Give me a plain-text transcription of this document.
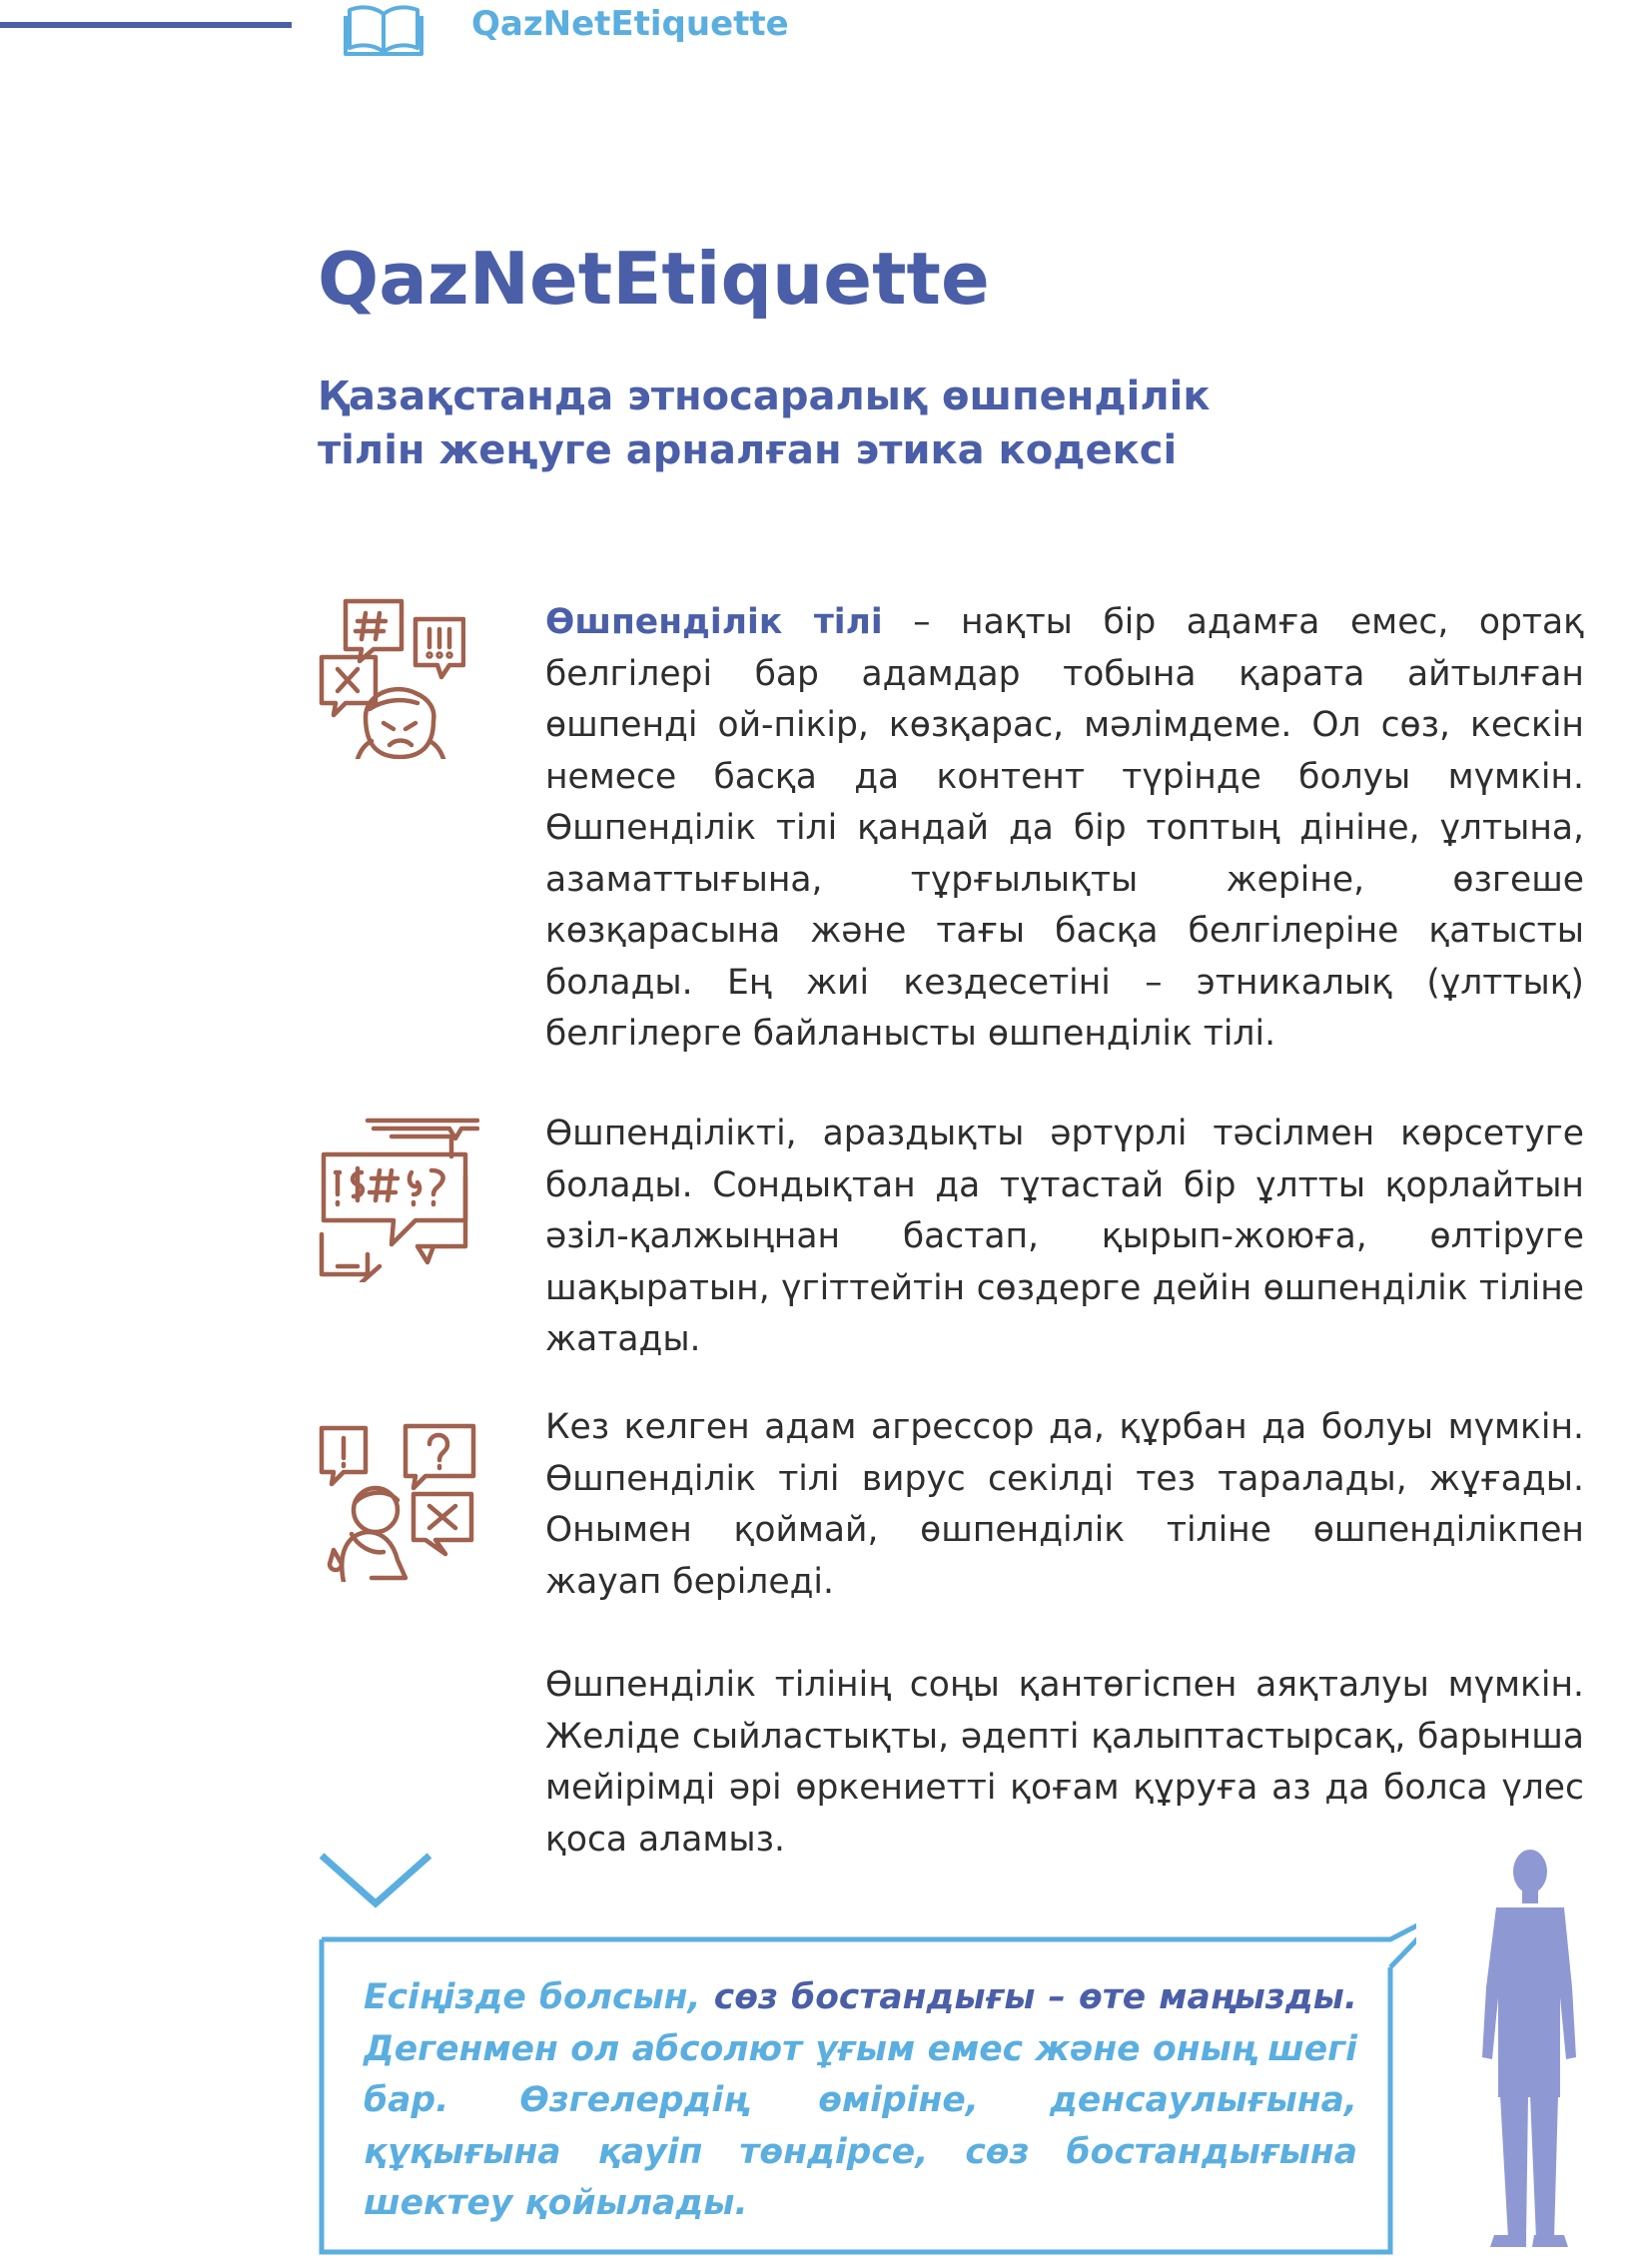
QazNetEtiquette
QazNetEtiquette
Қазақстанда этносаралық өшпенділік
тілін жеңуге арналған этика кодексі

Өшпенділік тілі – нақты бір адамға емес, ортақ белгілері бар адамдар тобына қарата айтылған өшпенді ой-пікір, көзқарас, мәлімдеме. Ол сөз, кескін немесе басқа да контент түрінде болуы мүмкін. Өшпенділік тілі қандай да бір топтың дініне, ұлтына, азаматтығына, тұрғылықты жеріне, өзгеше көзқарасына және тағы басқа белгілеріне қатысты болады. Ең жиі кездесетіні – этникалық (ұлттық) белгілерге байланысты өшпенділік тілі.

Өшпенділікті, араздықты әртүрлі тәсілмен көрсетуге болады. Сондықтан да тұтастай бір ұлтты қорлайтын әзіл-қалжыңнан бастап, қырып-жоюға, өлтіруге шақыратын, үгіттейтін сөздерге дейін өшпенділік тіліне жатады.

Кез келген адам агрессор да, құрбан да болуы мүмкін. Өшпенділік тілі вирус секілді тез таралады, жұғады. Онымен қоймай, өшпенділік тіліне өшпенділікпен жауап беріледі.

Өшпенділік тілінің соңы қантөгіспен аяқталуы мүмкін. Желіде сыйластықты, әдепті қалыптастырсақ, барынша мейірімді әрі өркениетті қоғам құруға аз да болса үлес қоса аламыз.

Есіңізде болсын, сөз бостандығы – өте маңызды. Дегенмен ол абсолют ұғым емес және оның шегі бар. Өзгелердің өміріне, денсаулығына, құқығына қауіп төндірсе, сөз бостандығына шектеу қойылады.
